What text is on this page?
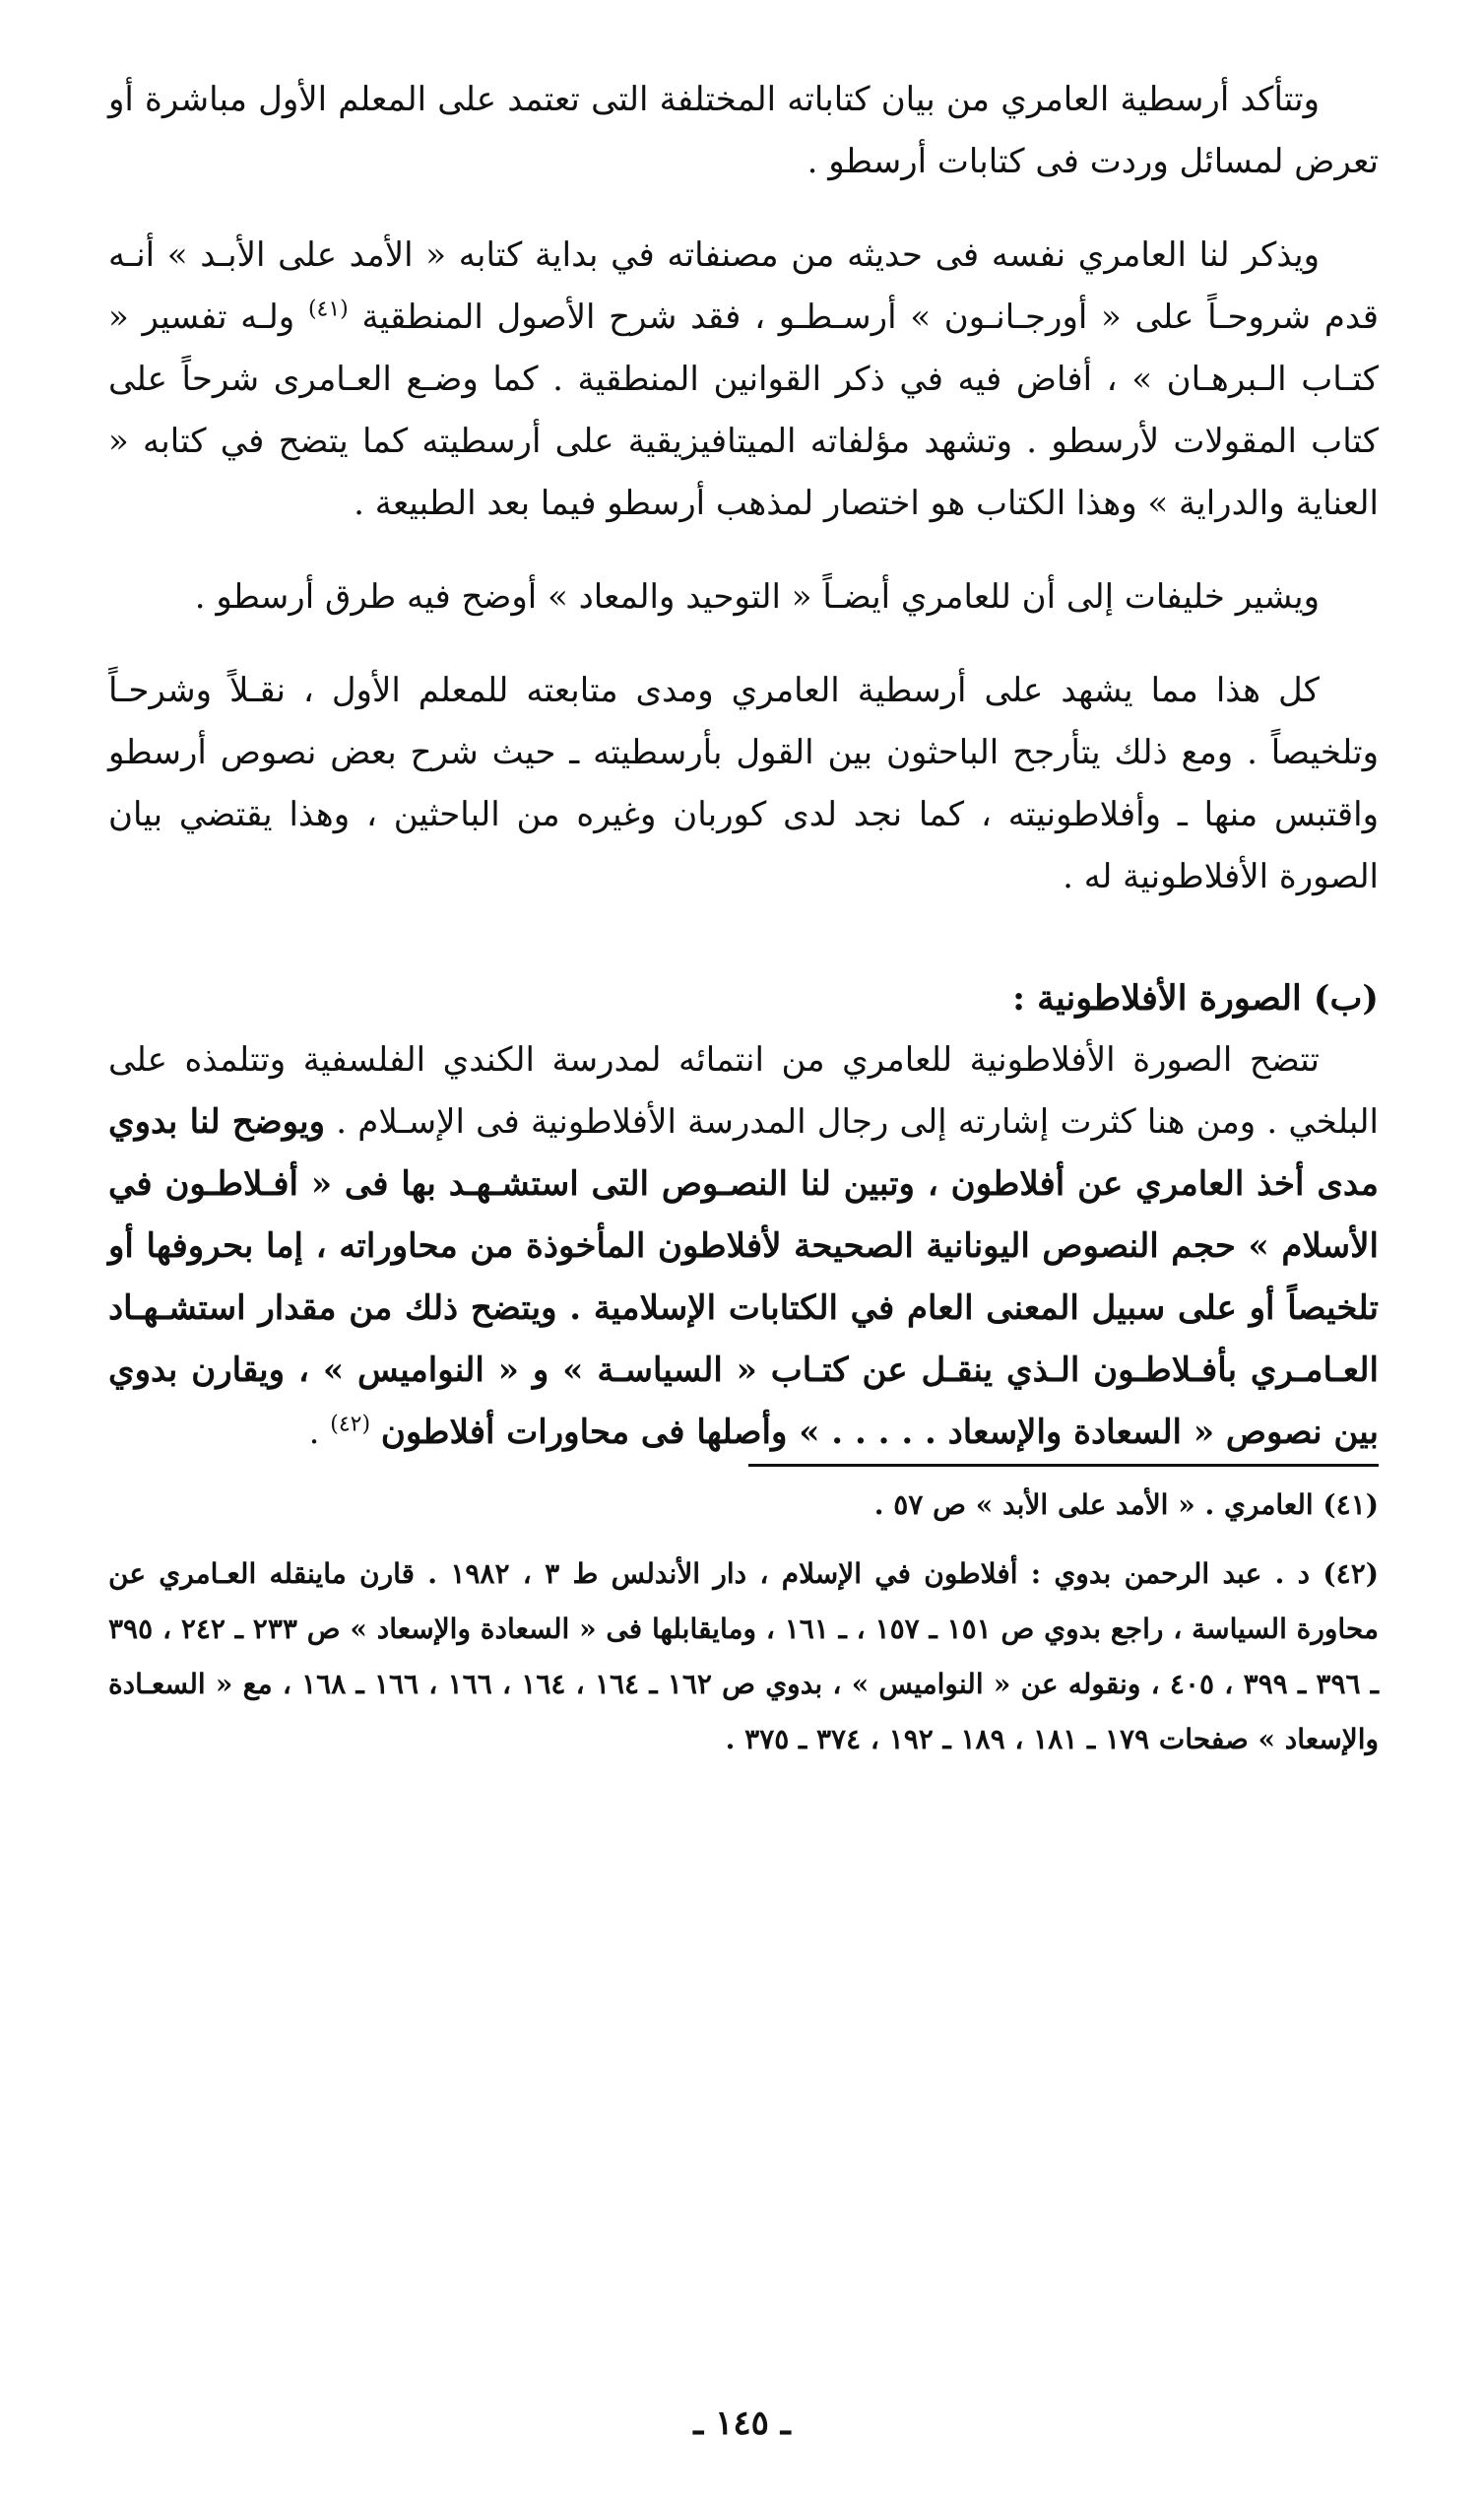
وتتأكد أرسطية العامري من بيان كتاباته المختلفة التى تعتمد على المعلم الأول مباشرة أو تعرض لمسائل وردت فى كتابات أرسطو .

ويذكر لنا العامري نفسه فى حديثه من مصنفاته في بداية كتابه « الأمد على الأبـد » أنـه قدم شروحـاً على « أورجـانـون » أرسـطـو ، فقد شرح الأصول المنطقية $^{(٤١)}$ ولـه تفسير « كتـاب الـبرهـان » ، أفاض فيه في ذكر القوانين المنطقية . كما وضـع العـامرى شرحاً على كتاب المقولات لأرسطو . وتشهد مؤلفاته الميتافيزيقية على أرسطيته كما يتضح في كتابه « العناية والدراية » وهذا الكتاب هو اختصار لمذهب أرسطو فيما بعد الطبيعة .

ويشير خليفات إلى أن للعامري أيضـاً « التوحيد والمعاد » أوضح فيه طرق أرسطو .

كل هذا مما يشهد على أرسطية العامري ومدى متابعته للمعلم الأول ، نقـلاً وشرحـاً وتلخيصاً . ومع ذلك يتأرجح الباحثون بين القول بأرسطيته ـ حيث شرح بعض نصوص أرسطو واقتبس منها ـ وأفلاطونيته ، كما نجد لدى كوربان وغيره من الباحثين ، وهذا يقتضي بيان الصورة الأفلاطونية له .

(ب) الصورة الأفلاطونية :

تتضح الصورة الأفلاطونية للعامري من انتمائه لمدرسة الكندي الفلسفية وتتلمذه على البلخي . ومن هنا كثرت إشارته إلى رجال المدرسة الأفلاطونية فى الإسـلام . ويوضح لنا بدوي مدى أخذ العامري عن أفلاطون ، وتبين لنا النصـوص التى استشـهـد بها فى « أفـلاطـون في الأسلام » حجم النصوص اليونانية الصحيحة لأفلاطون المأخوذة من محاوراته ، إما بحروفها أو تلخيصاً أو على سبيل المعنى العام في الكتابات الإسلامية . ويتضح ذلك من مقدار استشـهـاد العـامـري بأفـلاطـون الـذي ينقـل عن كتـاب « السياسـة » و « النواميس » ، ويقارن بدوي بين نصوص « السعادة والإسعاد . . . . . » وأصلها فى محاورات أفلاطون $^{(٤٢)}$ .

(٤١) العامري . « الأمد على الأبد » ص ٥٧ .

(٤٢) د . عبد الرحمن بدوي : أفلاطون في الإسلام ، دار الأندلس ط ٣ ، ١٩٨٢ . قارن ماينقله العـامري عن محاورة السياسة ، راجع بدوي ص ١٥١ ـ ١٥٧ ، ـ ١٦١ ، ومايقابلها فى « السعادة والإسعاد » ص ٢٣٣ ـ ٢٤٢ ، ٣٩٥ ـ ٣٩٦ ـ ٣٩٩ ، ٤٠٥ ، ونقوله عن « النواميس » ، بدوي ص ١٦٢ ـ ١٦٤ ، ١٦٤ ، ١٦٦ ، ١٦٦ ـ ١٦٨ ، مع « السعـادة والإسعاد » صفحات ١٧٩ ـ ١٨١ ، ١٨٩ ـ ١٩٢ ، ٣٧٤ ـ ٣٧٥ .

ـ ١٤٥ ـ
